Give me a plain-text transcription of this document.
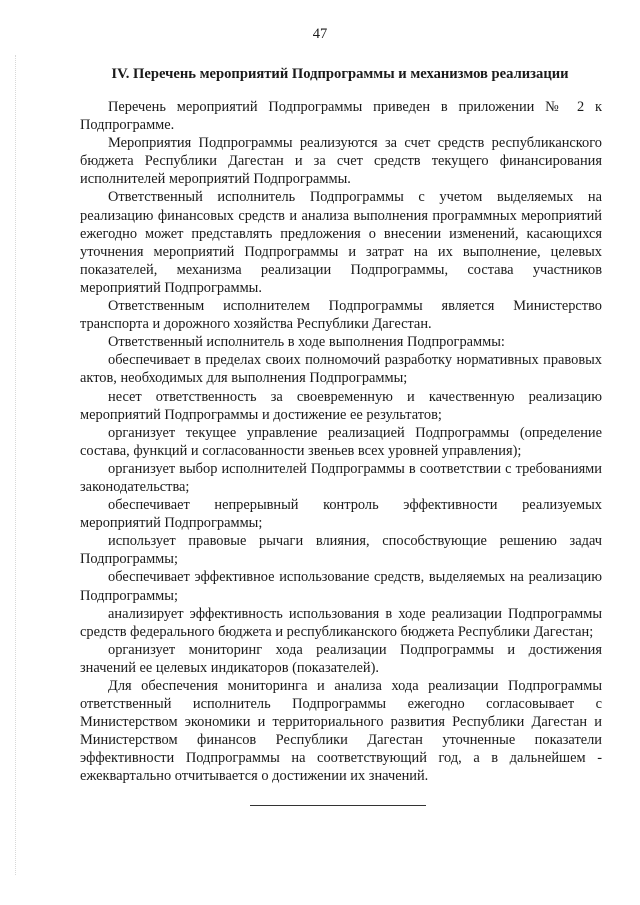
47
IV. Перечень мероприятий Подпрограммы и механизмов реализации

Перечень мероприятий Подпрограммы приведен в приложении № 2 к Подпрограмме.

Мероприятия Подпрограммы реализуются за счет средств республиканского бюджета Республики Дагестан и за счет средств текущего финансирования исполнителей мероприятий Подпрограммы.

Ответственный исполнитель Подпрограммы с учетом выделяемых на реализацию финансовых средств и анализа выполнения программных мероприятий ежегодно может представлять предложения о внесении изменений, касающихся уточнения мероприятий Подпрограммы и затрат на их выполнение, целевых показателей, механизма реализации Подпрограммы, состава участников мероприятий Подпрограммы.

Ответственным исполнителем Подпрограммы является Министерство транспорта и дорожного хозяйства Республики Дагестан.

Ответственный исполнитель в ходе выполнения Подпрограммы:

обеспечивает в пределах своих полномочий разработку нормативных правовых актов, необходимых для выполнения Подпрограммы;

несет ответственность за своевременную и качественную реализацию мероприятий Подпрограммы и достижение ее результатов;

организует текущее управление реализацией Подпрограммы (определение состава, функций и согласованности звеньев всех уровней управления);

организует выбор исполнителей Подпрограммы в соответствии с требованиями законодательства;

обеспечивает непрерывный контроль эффективности реализуемых мероприятий Подпрограммы;

использует правовые рычаги влияния, способствующие решению задач Подпрограммы;

обеспечивает эффективное использование средств, выделяемых на реализацию Подпрограммы;

анализирует эффективность использования в ходе реализации Подпрограммы средств федерального бюджета и республиканского бюджета Республики Дагестан;

организует мониторинг хода реализации Подпрограммы и достижения значений ее целевых индикаторов (показателей).

Для обеспечения мониторинга и анализа хода реализации Подпрограммы ответственный исполнитель Подпрограммы ежегодно согласовывает с Министерством экономики и территориального развития Республики Дагестан и Министерством финансов Республики Дагестан уточненные показатели эффективности Подпрограммы на соответствующий год, а в дальнейшем - ежеквартально отчитывается о достижении их значений.
